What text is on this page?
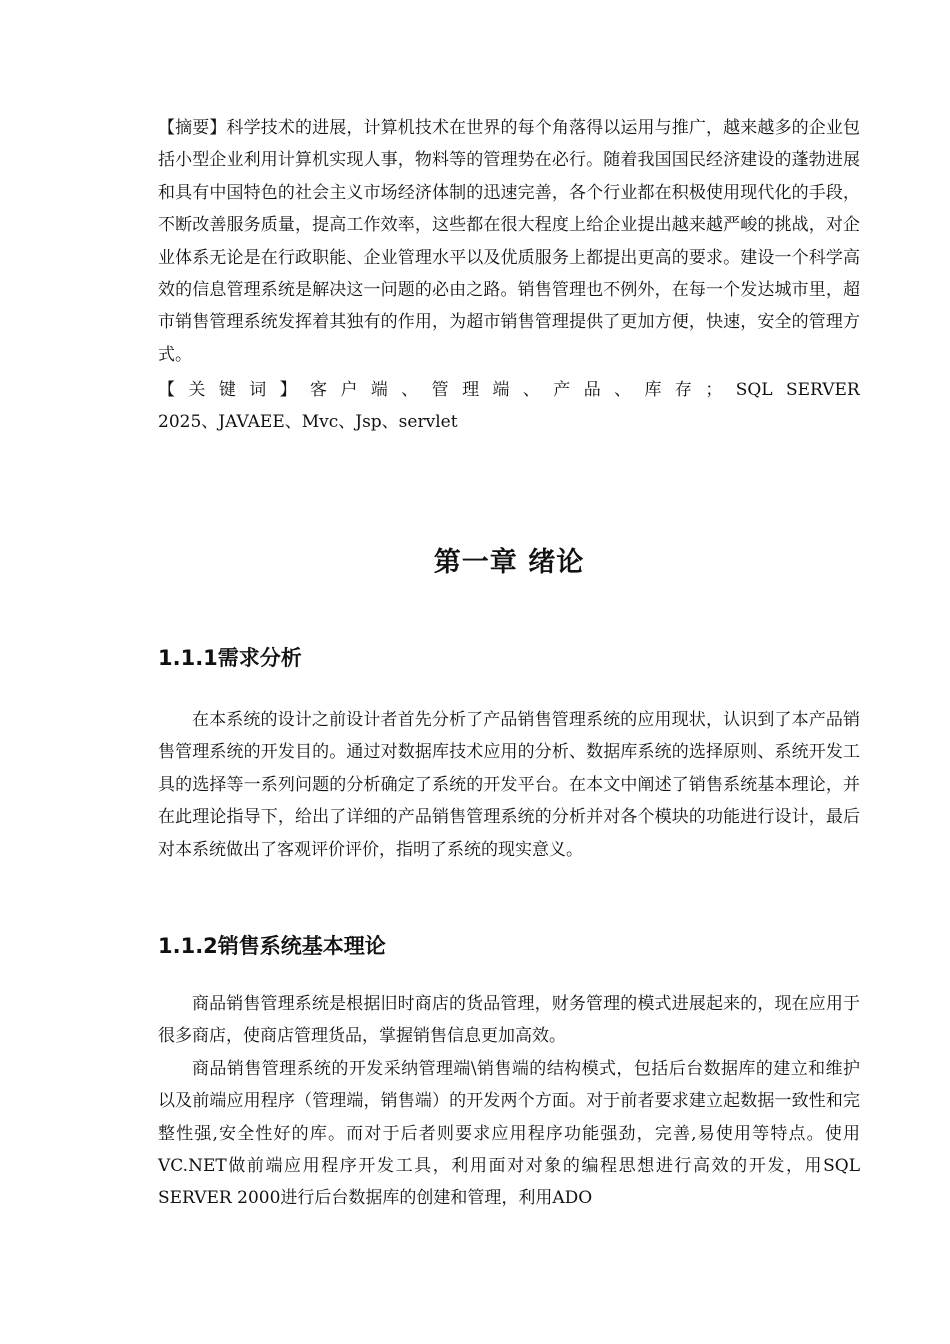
【摘要】科学技术的进展，计算机技术在世界的每个角落得以运用与推广，越来越多的企业包括小型企业利用计算机实现人事，物料等的管理势在必行。随着我国国民经济建设的蓬勃进展和具有中国特色的社会主义市场经济体制的迅速完善，各个行业都在积极使用现代化的手段，不断改善服务质量，提高工作效率，这些都在很大程度上给企业提出越来越严峻的挑战，对企业体系无论是在行政职能、企业管理水平以及优质服务上都提出更高的要求。建设一个科学高效的信息管理系统是解决这一问题的必由之路。销售管理也不例外，在每一个发达城市里，超市销售管理系统发挥着其独有的作用，为超市销售管理提供了更加方便，快速，安全的管理方式。

【 关 键 词 】 客 户 端 、 管 理 端 、 产 品 、 库 存 ； SQL SERVER
2025、JAVAEE、Mvc、Jsp、servlet
第一章 绪论
1.1.1需求分析

在本系统的设计之前设计者首先分析了产品销售管理系统的应用现状，认识到了本产品销售管理系统的开发目的。通过对数据库技术应用的分析、数据库系统的选择原则、系统开发工具的选择等一系列问题的分析确定了系统的开发平台。在本文中阐述了销售系统基本理论，并在此理论指导下，给出了详细的产品销售管理系统的分析并对各个模块的功能进行设计，最后对本系统做出了客观评价评价，指明了系统的现实意义。

1.1.2销售系统基本理论

商品销售管理系统是根据旧时商店的货品管理，财务管理的模式进展起来的，现在应用于很多商店，使商店管理货品，掌握销售信息更加高效。

商品销售管理系统的开发采纳管理端\销售端的结构模式，包括后台数据库的建立和维护以及前端应用程序（管理端，销售端）的开发两个方面。对于前者要求建立起数据一致性和完整性强,安全性好的库。而对于后者则要求应用程序功能强劲，完善,易使用等特点。使用VC.NET做前端应用程序开发工具，利用面对对象的编程思想进行高效的开发，用SQL SERVER 2000进行后台数据库的创建和管理，利用ADO
